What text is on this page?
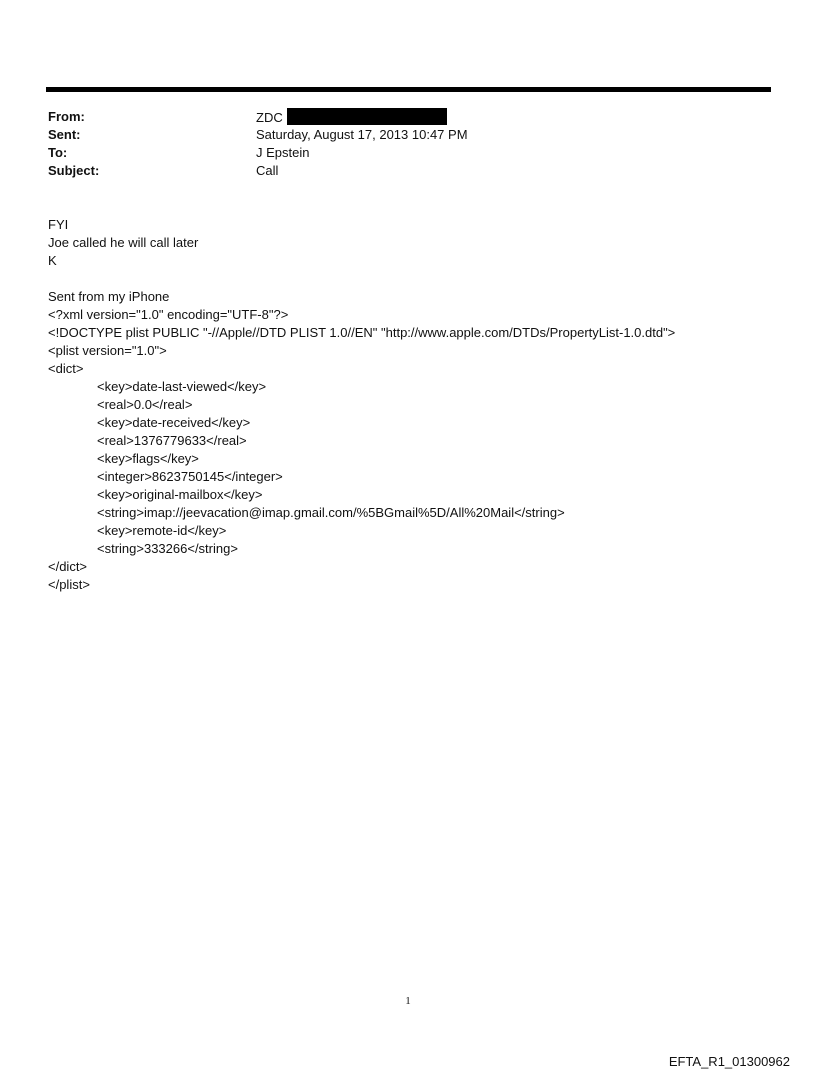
From:	ZDC
Sent:	Saturday, August 17, 2013 10:47 PM
To:	J Epstein
Subject:	Call
FYI
Joe called he will call later
K
Sent from my iPhone
<?xml version="1.0" encoding="UTF-8"?>
<!DOCTYPE plist PUBLIC "-//Apple//DTD PLIST 1.0//EN" "http://www.apple.com/DTDs/PropertyList-1.0.dtd">
<plist version="1.0">
<dict>
<key>date-last-viewed</key>
<real>0.0</real>
<key>date-received</key>
<real>1376779633</real>
<key>flags</key>
<integer>8623750145</integer>
<key>original-mailbox</key>
<string>imap://jeevacation@imap.gmail.com/%5BGmail%5D/All%20Mail</string>
<key>remote-id</key>
<string>333266</string>
</dict>
</plist>
1
EFTA_R1_01300962
